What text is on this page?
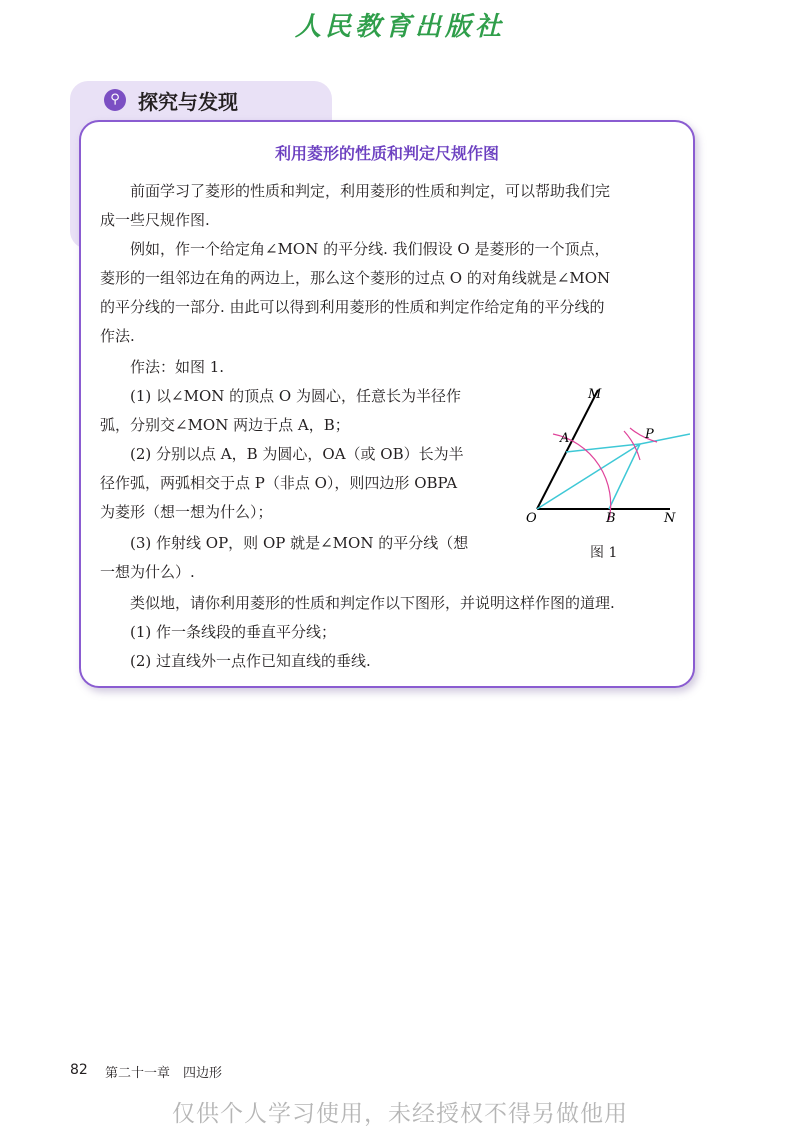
人民教育出版社
⚲ 探究与发现
利用菱形的性质和判定尺规作图
　　前面学习了菱形的性质和判定，利用菱形的性质和判定，可以帮助我们完
成一些尺规作图.
　　例如，作一个给定角∠MON 的平分线. 我们假设 O 是菱形的一个顶点，
菱形的一组邻边在角的两边上，那么这个菱形的过点 O 的对角线就是∠MON
的平分线的一部分. 由此可以得到利用菱形的性质和判定作给定角的平分线的
作法.
　　作法：如图 1.
　　(1) 以∠MON 的顶点 O 为圆心，任意长为半径作
弧，分别交∠MON 两边于点 A，B；
　　(2) 分别以点 A，B 为圆心，OA（或 OB）长为半
径作弧，两弧相交于点 P（非点 O），则四边形 OBPA
为菱形（想一想为什么）；
　　(3) 作射线 OP，则 OP 就是∠MON 的平分线（想
一想为什么）.
　　类似地，请你利用菱形的性质和判定作以下图形，并说明这样作图的道理.
　　(1) 作一条线段的垂直平分线；
　　(2) 过直线外一点作已知直线的垂线.
M
A	P
O	B	N
图 1
82 第二十一章　四边形
仅供个人学习使用，未经授权不得另做他用
